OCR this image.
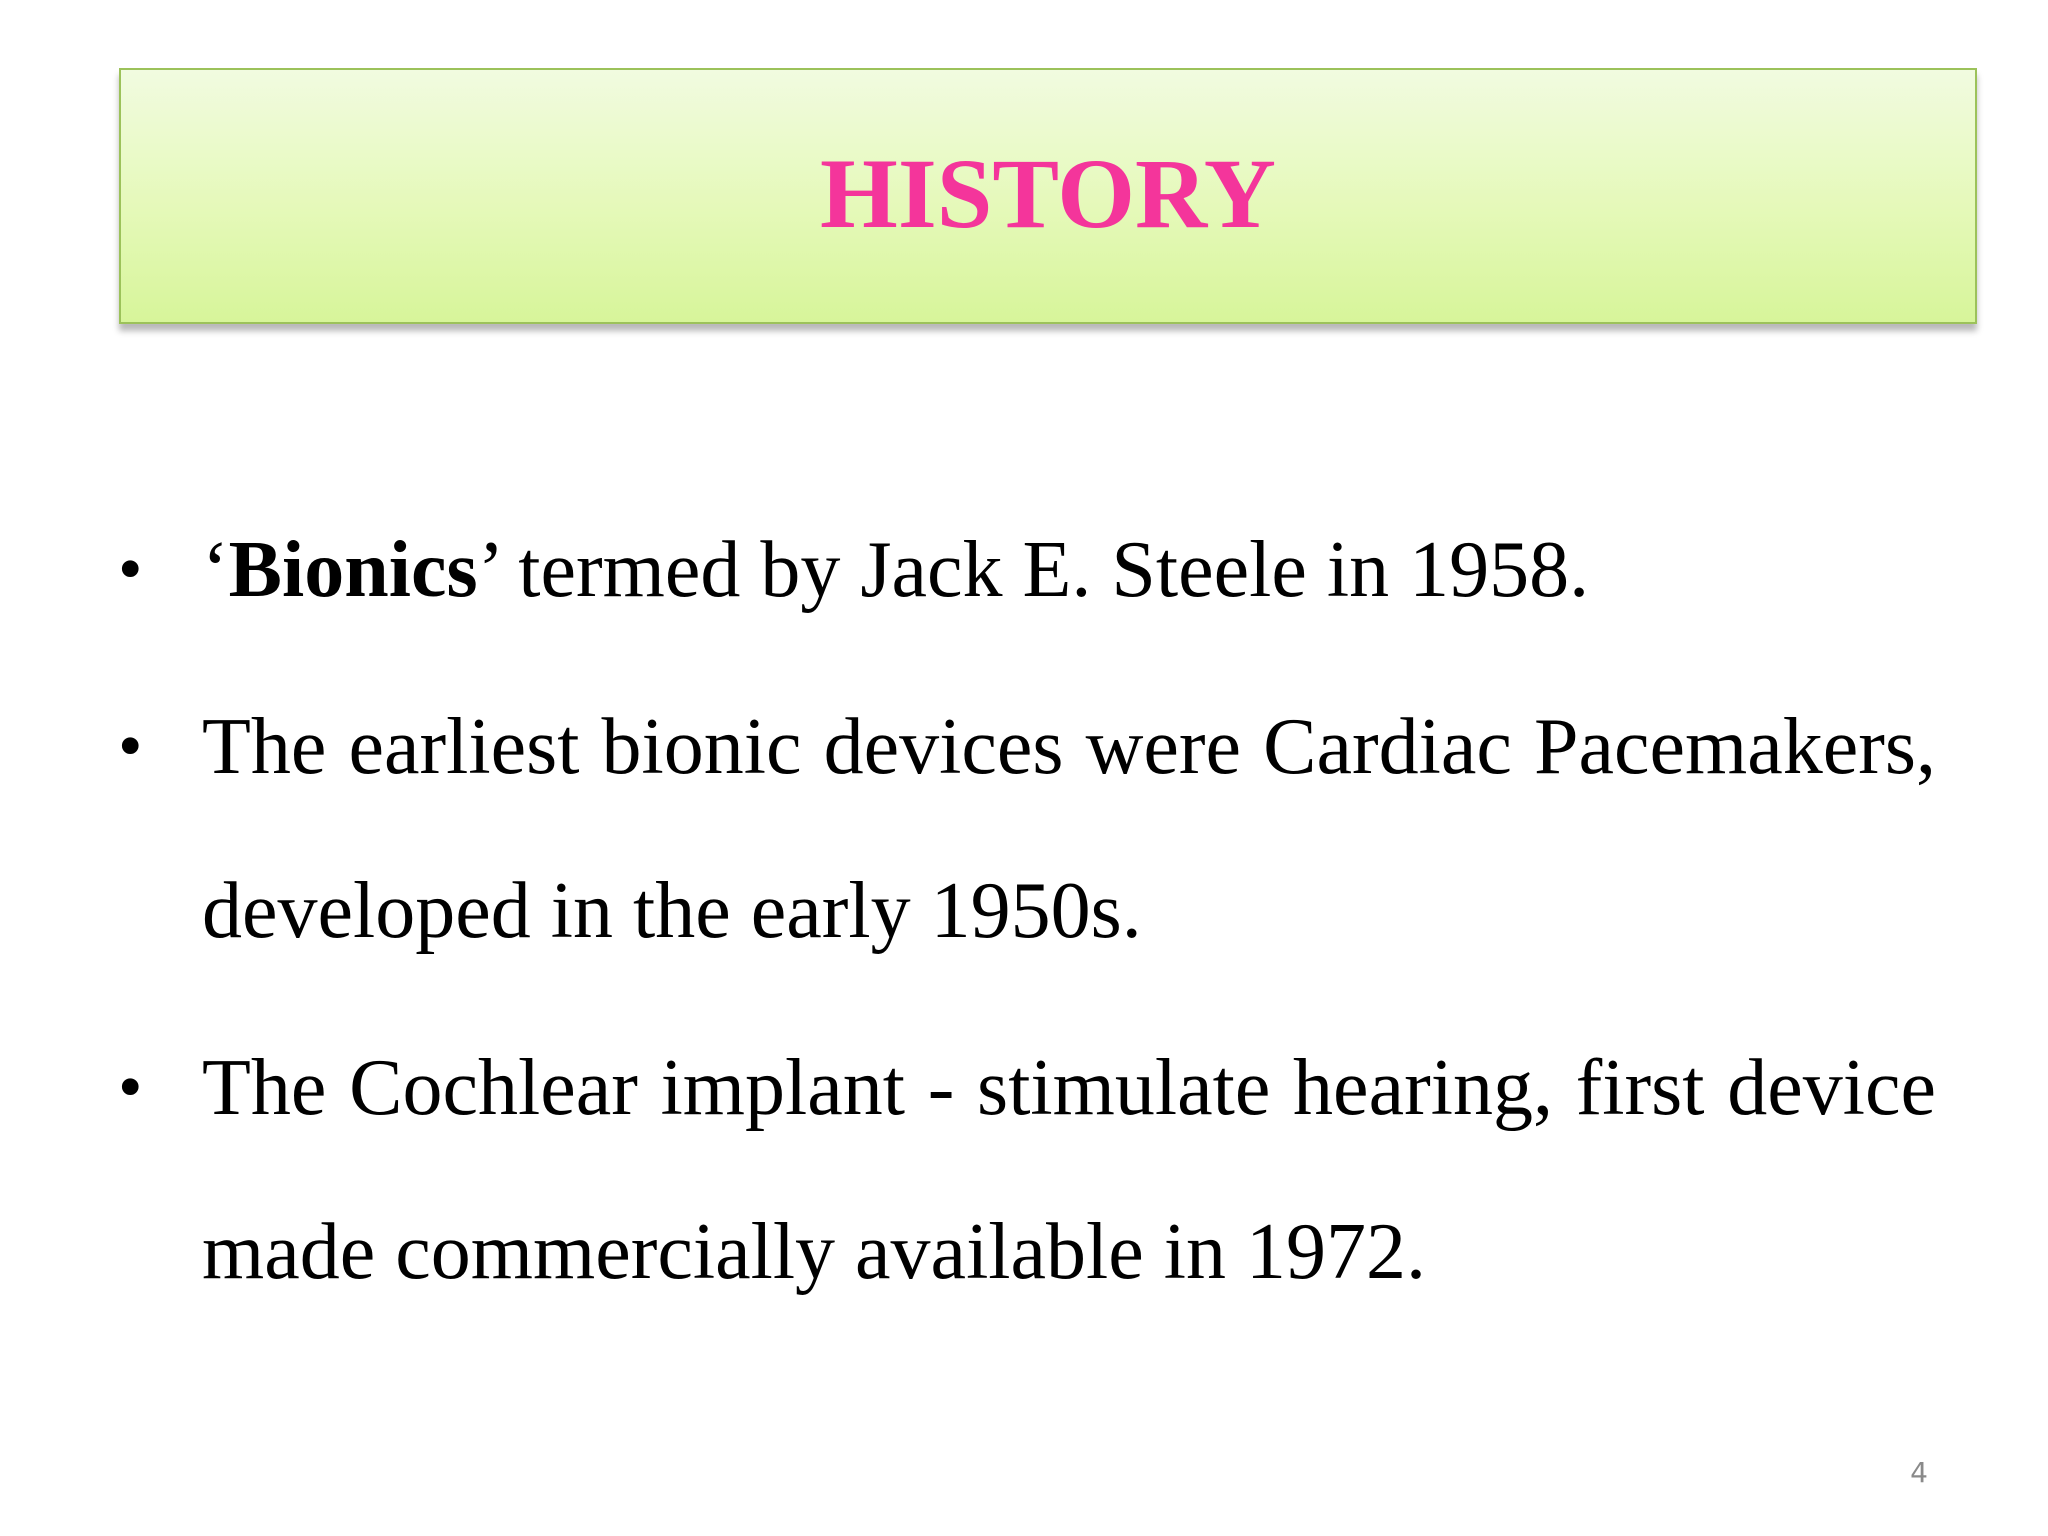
HISTORY
• ‘Bionics’ termed by Jack E. Steele in 1958.
• The earliest bionic devices were Cardiac Pacemakers, developed in the early 1950s.
• The Cochlear implant - stimulate hearing, first device made commercially available in 1972.
4
